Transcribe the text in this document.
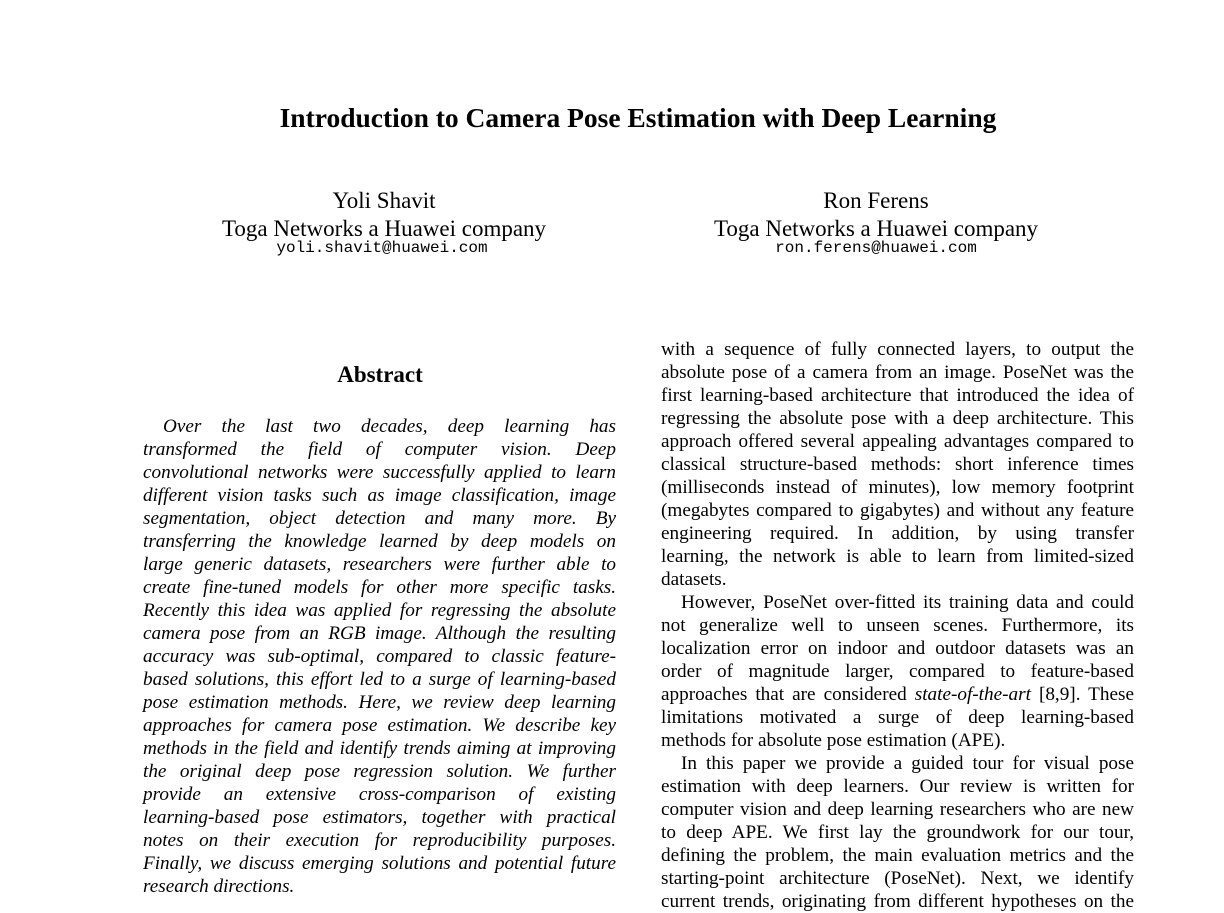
Introduction to Camera Pose Estimation with Deep Learning
Yoli Shavit
Toga Networks a Huawei company
yoli.shavit@huawei.com
Ron Ferens
Toga Networks a Huawei company
ron.ferens@huawei.com
Abstract
Over the last two decades, deep learning has
transformed the field of computer vision. Deep
convolutional networks were successfully applied to learn
different vision tasks such as image classification, image
segmentation, object detection and many more. By
transferring the knowledge learned by deep models on
large generic datasets, researchers were further able to
create fine-tuned models for other more specific tasks.
Recently this idea was applied for regressing the absolute
camera pose from an RGB image. Although the resulting
accuracy was sub-optimal, compared to classic feature-
based solutions, this effort led to a surge of learning-based
pose estimation methods. Here, we review deep learning
approaches for camera pose estimation. We describe key
methods in the field and identify trends aiming at improving
the original deep pose regression solution. We further
provide an extensive cross-comparison of existing
learning-based pose estimators, together with practical
notes on their execution for reproducibility purposes.
Finally, we discuss emerging solutions and potential future
research directions.
with a sequence of fully connected layers, to output the
absolute pose of a camera from an image. PoseNet was the
first learning-based architecture that introduced the idea of
regressing the absolute pose with a deep architecture. This
approach offered several appealing advantages compared to
classical structure-based methods: short inference times
(milliseconds instead of minutes), low memory footprint
(megabytes compared to gigabytes) and without any feature
engineering required. In addition, by using transfer
learning, the network is able to learn from limited-sized
datasets.
However, PoseNet over-fitted its training data and could
not generalize well to unseen scenes. Furthermore, its
localization error on indoor and outdoor datasets was an
order of magnitude larger, compared to feature-based
approaches that are considered state-of-the-art [8,9]. These
limitations motivated a surge of deep learning-based
methods for absolute pose estimation (APE).
In this paper we provide a guided tour for visual pose
estimation with deep learners. Our review is written for
computer vision and deep learning researchers who are new
to deep APE. We first lay the groundwork for our tour,
defining the problem, the main evaluation metrics and the
starting-point architecture (PoseNet). Next, we identify
current trends, originating from different hypotheses on the
